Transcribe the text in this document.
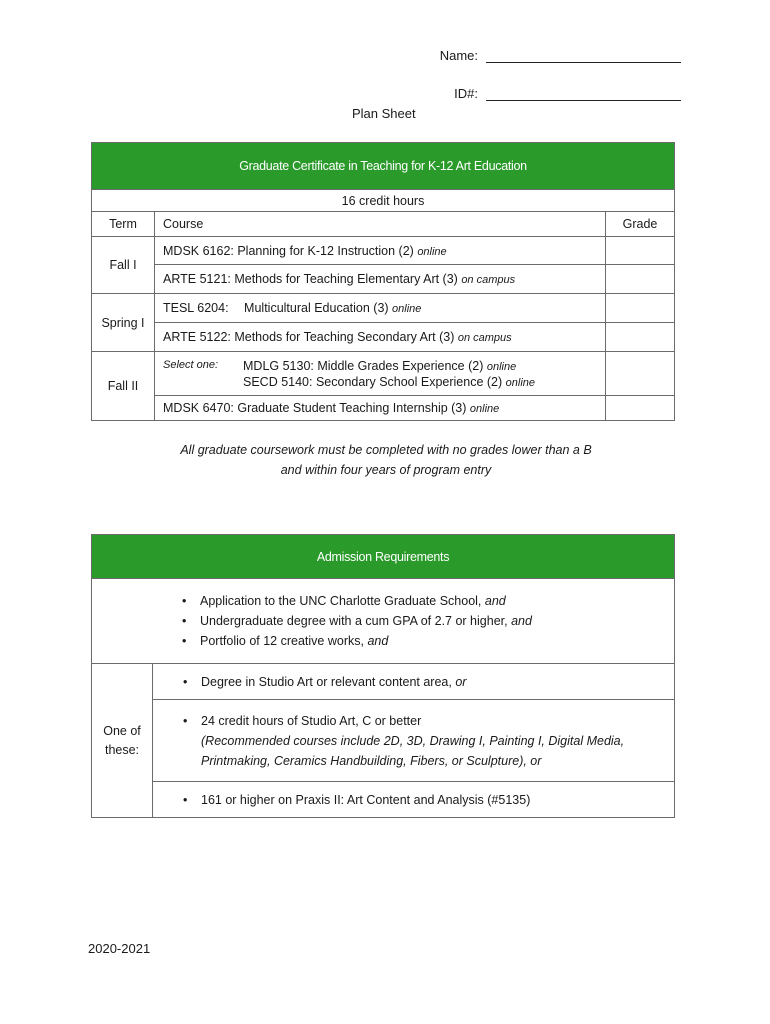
Name:
ID#:
Plan Sheet
Graduate Certificate in Teaching for K-12 Art Education		
16 credit hours		
Term	Course	Grade
Fall I	MDSK 6162: Planning for K-12 Instruction (2) online	
	ARTE 5121: Methods for Teaching Elementary Art (3) on campus	
Spring I	TESL 6204: Multicultural Education (3) online	
	ARTE 5122: Methods for Teaching Secondary Art (3) on campus	
Fall II	Select one: MDLG 5130: Middle Grades Experience (2) online
SECD 5140: Secondary School Experience (2) online	

	MDSK 6470: Graduate Student Teaching Internship (3) online	
All graduate coursework must be completed with no grades lower than a B
and within four years of program entry
Admission Requirements

• Application to the UNC Charlotte Graduate School, and
• Undergraduate degree with a cum GPA of 2.7 or higher, and
• Portfolio of 12 creative works, and

One of
these:

• Degree in Studio Art or relevant content area, or

• 24 credit hours of Studio Art, C or better
(Recommended courses include 2D, 3D, Drawing I, Painting I, Digital Media,
Printmaking, Ceramics Handbuilding, Fibers, or Sculpture), or

• 161 or higher on Praxis II: Art Content and Analysis (#5135)
2020-2021
